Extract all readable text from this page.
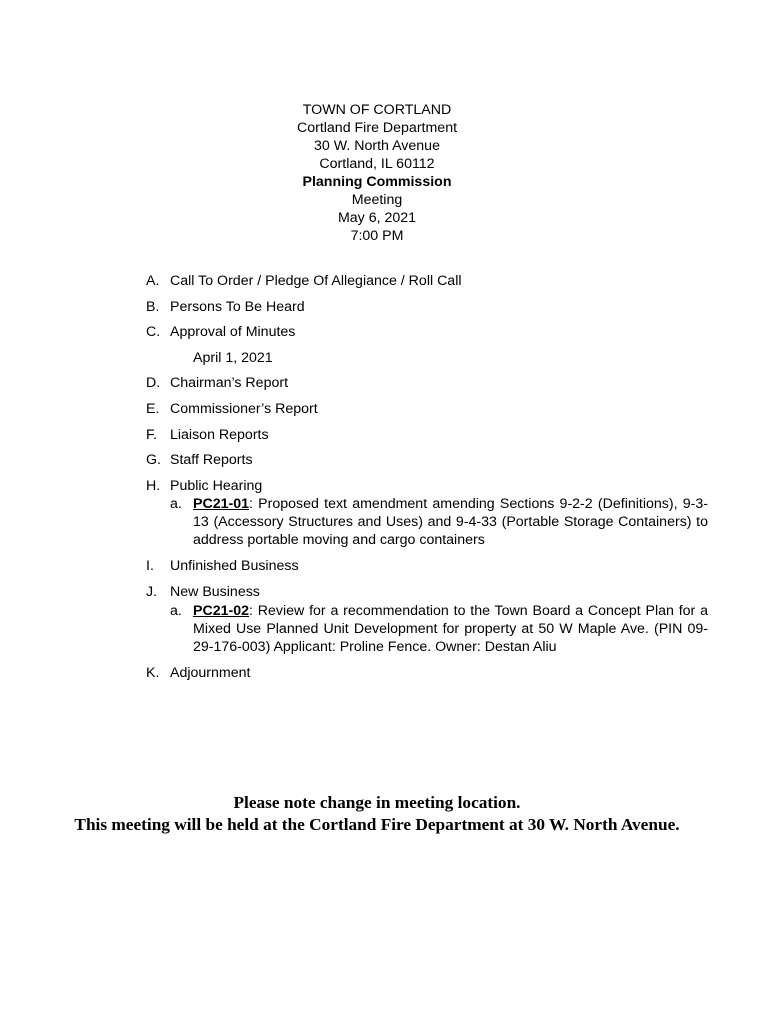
TOWN OF CORTLAND
Cortland Fire Department
30 W. North Avenue
Cortland, IL 60112
Planning Commission
Meeting
May 6, 2021
7:00 PM
A. Call To Order / Pledge Of Allegiance / Roll Call
B. Persons To Be Heard
C. Approval of Minutes
April 1, 2021
D. Chairman’s Report
E. Commissioner’s Report
F. Liaison Reports
G. Staff Reports
H. Public Hearing
a. PC21-01: Proposed text amendment amending Sections 9-2-2 (Definitions), 9-3-13 (Accessory Structures and Uses) and 9-4-33 (Portable Storage Containers) to address portable moving and cargo containers
I. Unfinished Business
J. New Business
a. PC21-02: Review for a recommendation to the Town Board a Concept Plan for a Mixed Use Planned Unit Development for property at 50 W Maple Ave. (PIN 09-29-176-003) Applicant: Proline Fence. Owner: Destan Aliu
K. Adjournment
Please note change in meeting location.
This meeting will be held at the Cortland Fire Department at 30 W. North Avenue.
